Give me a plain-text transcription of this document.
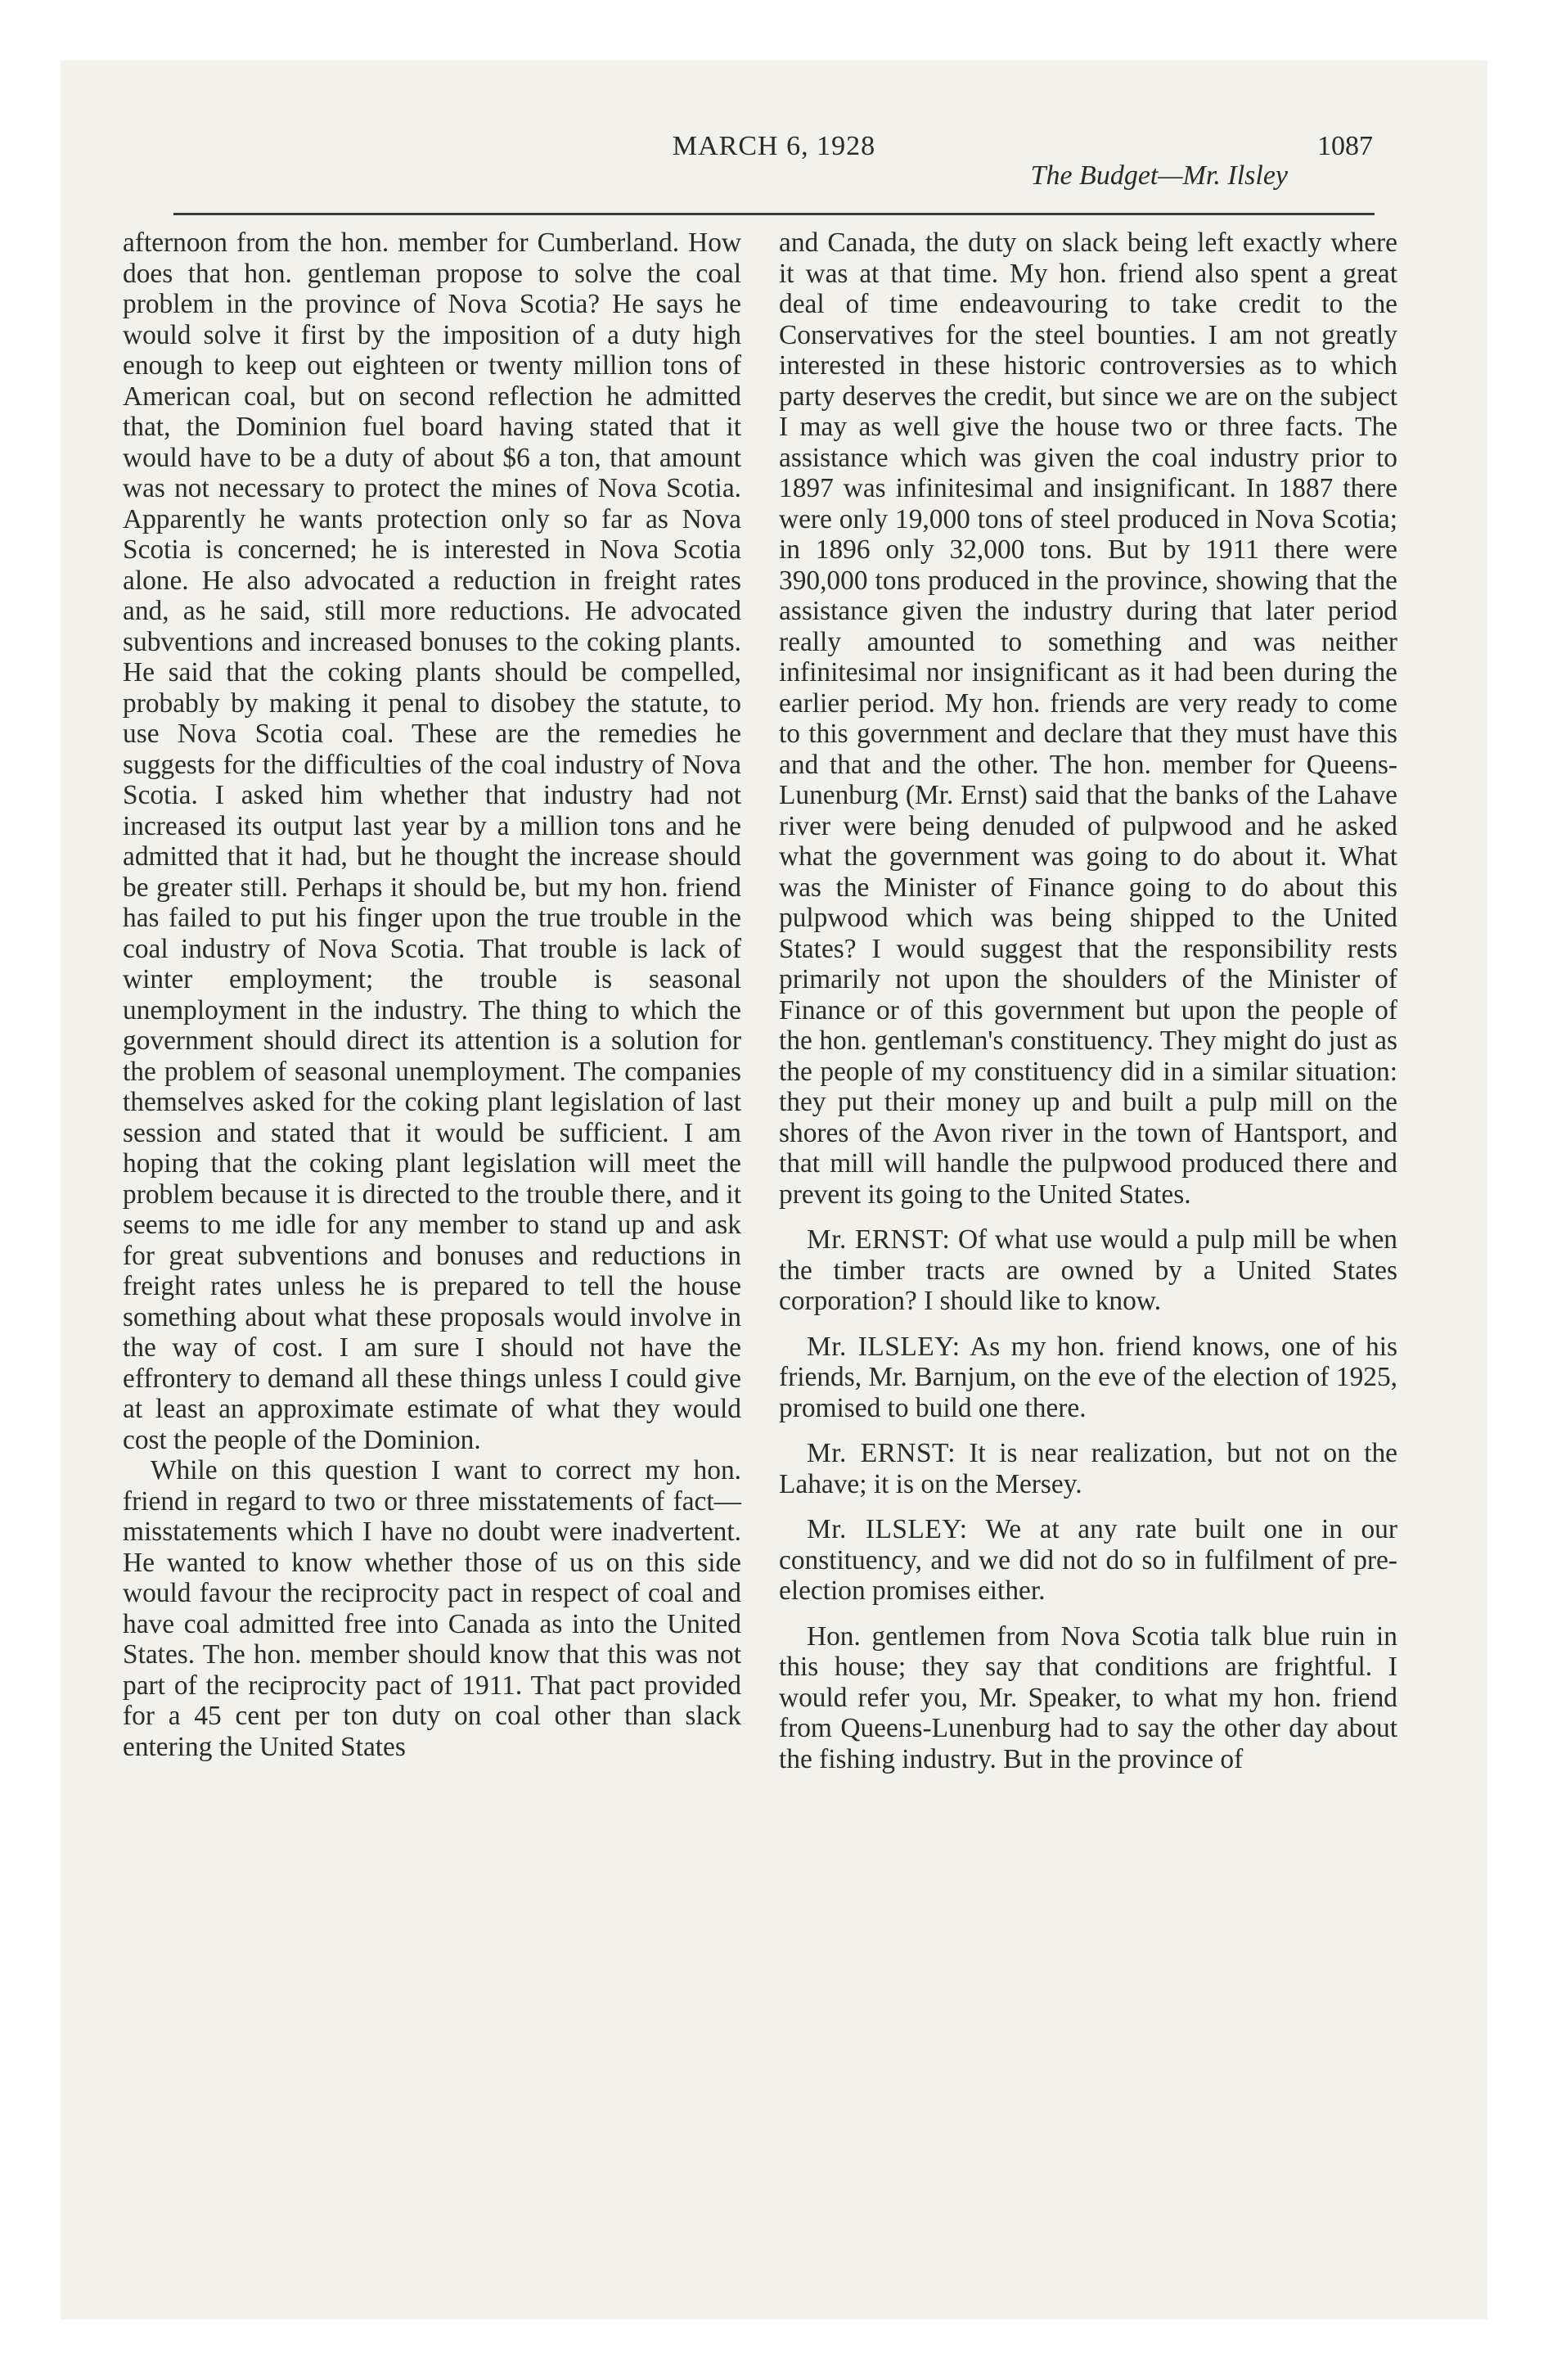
MARCH 6, 1928	1087
The Budget—Mr. Ilsley

afternoon from the hon. member for Cumberland. How does that hon. gentleman propose to solve the coal problem in the province of Nova Scotia? He says he would solve it first by the imposition of a duty high enough to keep out eighteen or twenty million tons of American coal, but on second reflection he admitted that, the Dominion fuel board having stated that it would have to be a duty of about $6 a ton, that amount was not necessary to protect the mines of Nova Scotia. Apparently he wants protection only so far as Nova Scotia is concerned; he is interested in Nova Scotia alone. He also advocated a reduction in freight rates and, as he said, still more reductions. He advocated subventions and increased bonuses to the coking plants. He said that the coking plants should be compelled, probably by making it penal to disobey the statute, to use Nova Scotia coal. These are the remedies he suggests for the difficulties of the coal industry of Nova Scotia. I asked him whether that industry had not increased its output last year by a million tons and he admitted that it had, but he thought the increase should be greater still. Perhaps it should be, but my hon. friend has failed to put his finger upon the true trouble in the coal industry of Nova Scotia. That trouble is lack of winter employment; the trouble is seasonal unemployment in the industry. The thing to which the government should direct its attention is a solution for the problem of seasonal unemployment. The companies themselves asked for the coking plant legislation of last session and stated that it would be sufficient. I am hoping that the coking plant legislation will meet the problem because it is directed to the trouble there, and it seems to me idle for any member to stand up and ask for great subventions and bonuses and reductions in freight rates unless he is prepared to tell the house something about what these proposals would involve in the way of cost. I am sure I should not have the effrontery to demand all these things unless I could give at least an approximate estimate of what they would cost the people of the Dominion.

While on this question I want to correct my hon. friend in regard to two or three misstatements of fact—misstatements which I have no doubt were inadvertent. He wanted to know whether those of us on this side would favour the reciprocity pact in respect of coal and have coal admitted free into Canada as into the United States. The hon. member should know that this was not part of the reciprocity pact of 1911. That pact provided for a 45 cent per ton duty on coal other than slack entering the United States

and Canada, the duty on slack being left exactly where it was at that time. My hon. friend also spent a great deal of time endeavouring to take credit to the Conservatives for the steel bounties. I am not greatly interested in these historic controversies as to which party deserves the credit, but since we are on the subject I may as well give the house two or three facts. The assistance which was given the coal industry prior to 1897 was infinitesimal and insignificant. In 1887 there were only 19,000 tons of steel produced in Nova Scotia; in 1896 only 32,000 tons. But by 1911 there were 390,000 tons produced in the province, showing that the assistance given the industry during that later period really amounted to something and was neither infinitesimal nor insignificant as it had been during the earlier period. My hon. friends are very ready to come to this government and declare that they must have this and that and the other. The hon. member for Queens-Lunenburg (Mr. Ernst) said that the banks of the Lahave river were being denuded of pulpwood and he asked what the government was going to do about it. What was the Minister of Finance going to do about this pulpwood which was being shipped to the United States? I would suggest that the responsibility rests primarily not upon the shoulders of the Minister of Finance or of this government but upon the people of the hon. gentleman's constituency. They might do just as the people of my constituency did in a similar situation: they put their money up and built a pulp mill on the shores of the Avon river in the town of Hantsport, and that mill will handle the pulpwood produced there and prevent its going to the United States.

Mr. ERNST: Of what use would a pulp mill be when the timber tracts are owned by a United States corporation? I should like to know.

Mr. ILSLEY: As my hon. friend knows, one of his friends, Mr. Barnjum, on the eve of the election of 1925, promised to build one there.

Mr. ERNST: It is near realization, but not on the Lahave; it is on the Mersey.

Mr. ILSLEY: We at any rate built one in our constituency, and we did not do so in fulfilment of pre-election promises either.

Hon. gentlemen from Nova Scotia talk blue ruin in this house; they say that conditions are frightful. I would refer you, Mr. Speaker, to what my hon. friend from Queens-Lunenburg had to say the other day about the fishing industry. But in the province of
